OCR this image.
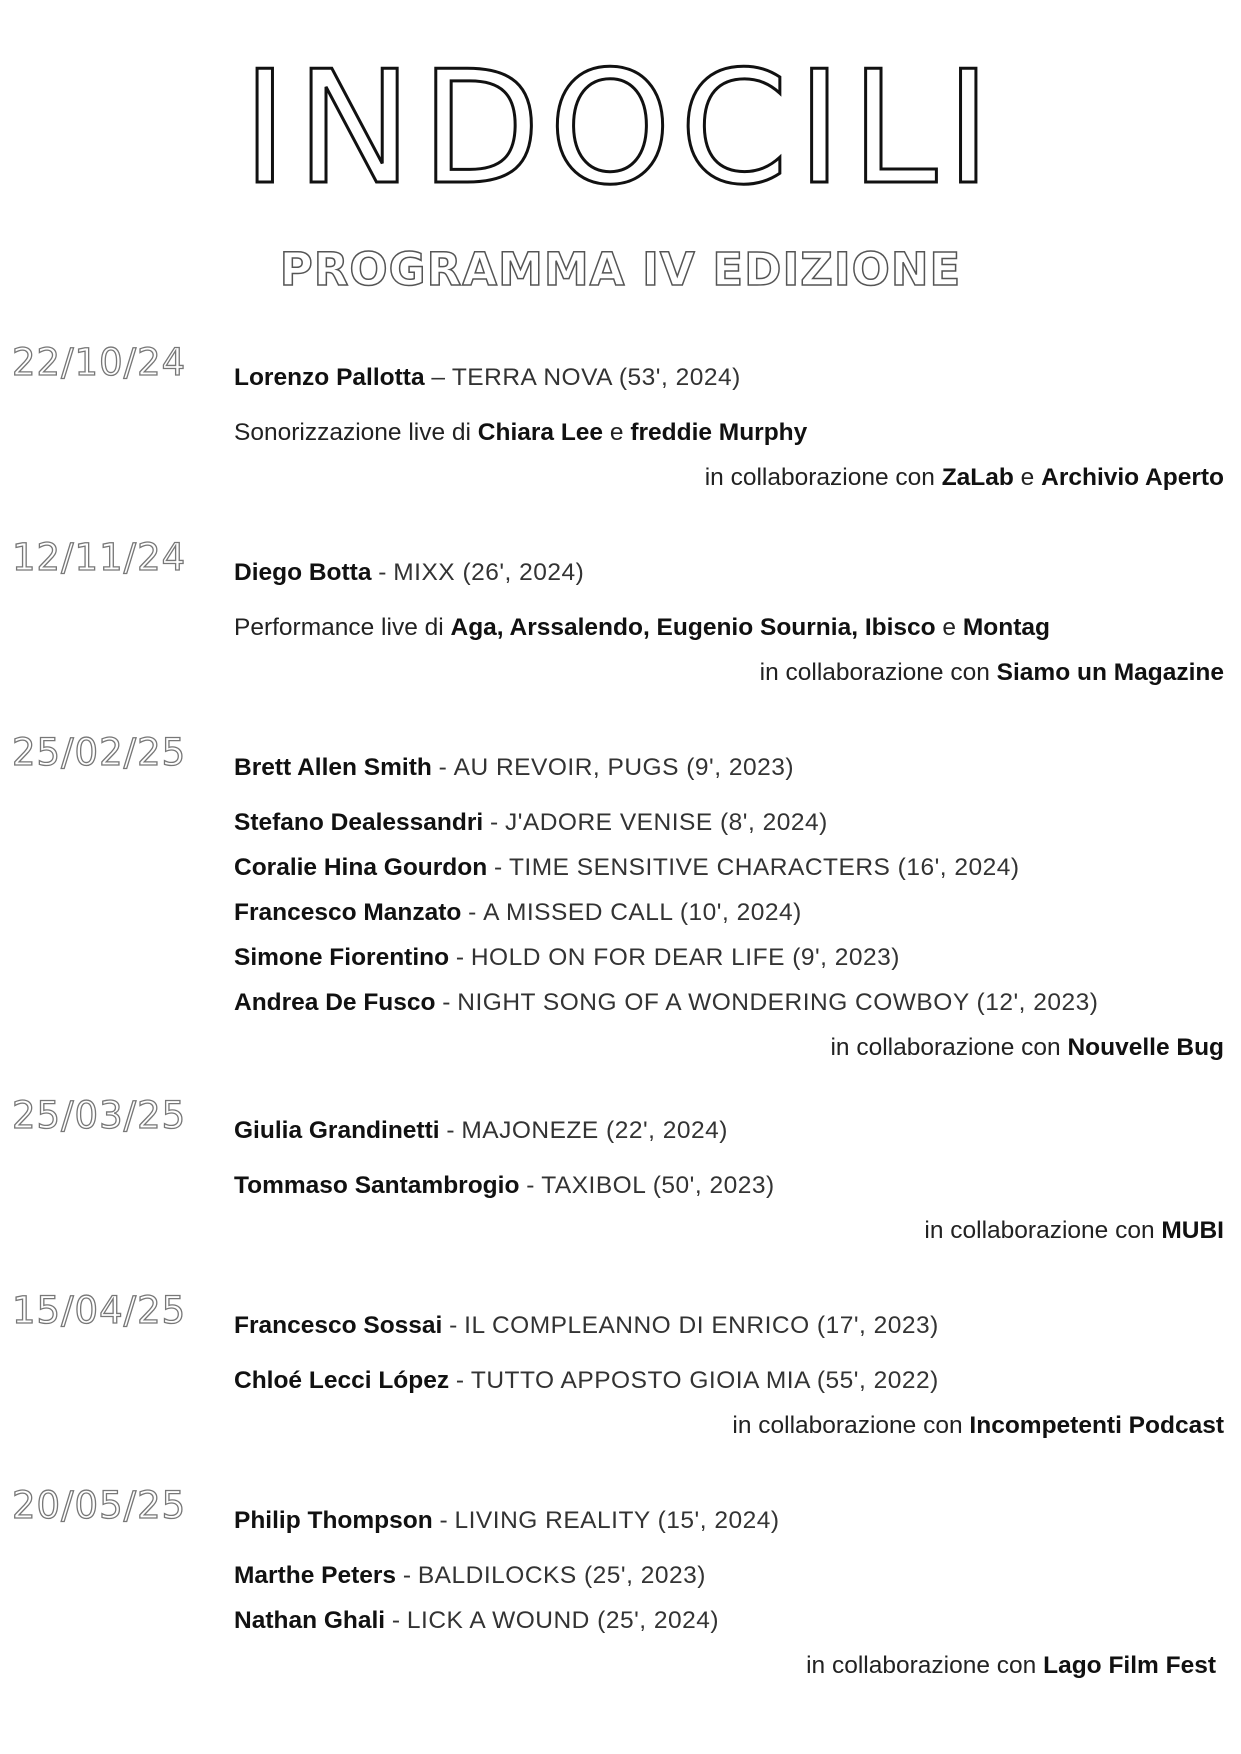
INDOCILI
PROGRAMMA IV EDIZIONE
22/10/24 Lorenzo Pallotta – TERRA NOVA (53', 2024)
Sonorizzazione live di Chiara Lee e freddie Murphy
in collaborazione con ZaLab e Archivio Aperto
12/11/24 Diego Botta - MIXX (26', 2024)
Performance live di Aga, Arssalendo, Eugenio Sournia, Ibisco e Montag
in collaborazione con Siamo un Magazine
25/02/25 Brett Allen Smith - AU REVOIR, PUGS (9', 2023)
Stefano Dealessandri - J'ADORE VENISE (8', 2024)
Coralie Hina Gourdon - TIME SENSITIVE CHARACTERS (16', 2024)
Francesco Manzato - A MISSED CALL (10', 2024)
Simone Fiorentino - HOLD ON FOR DEAR LIFE (9', 2023)
Andrea De Fusco - NIGHT SONG OF A WONDERING COWBOY (12', 2023)
in collaborazione con Nouvelle Bug
25/03/25 Giulia Grandinetti - MAJONEZE (22', 2024)
Tommaso Santambrogio - TAXIBOL (50', 2023)
in collaborazione con MUBI
15/04/25 Francesco Sossai - IL COMPLEANNO DI ENRICO (17', 2023)
Chloé Lecci López - TUTTO APPOSTO GIOIA MIA (55', 2022)
in collaborazione con Incompetenti Podcast
20/05/25 Philip Thompson - LIVING REALITY (15', 2024)
Marthe Peters - BALDILOCKS (25', 2023)
Nathan Ghali - LICK A WOUND (25', 2024)
in collaborazione con Lago Film Fest
